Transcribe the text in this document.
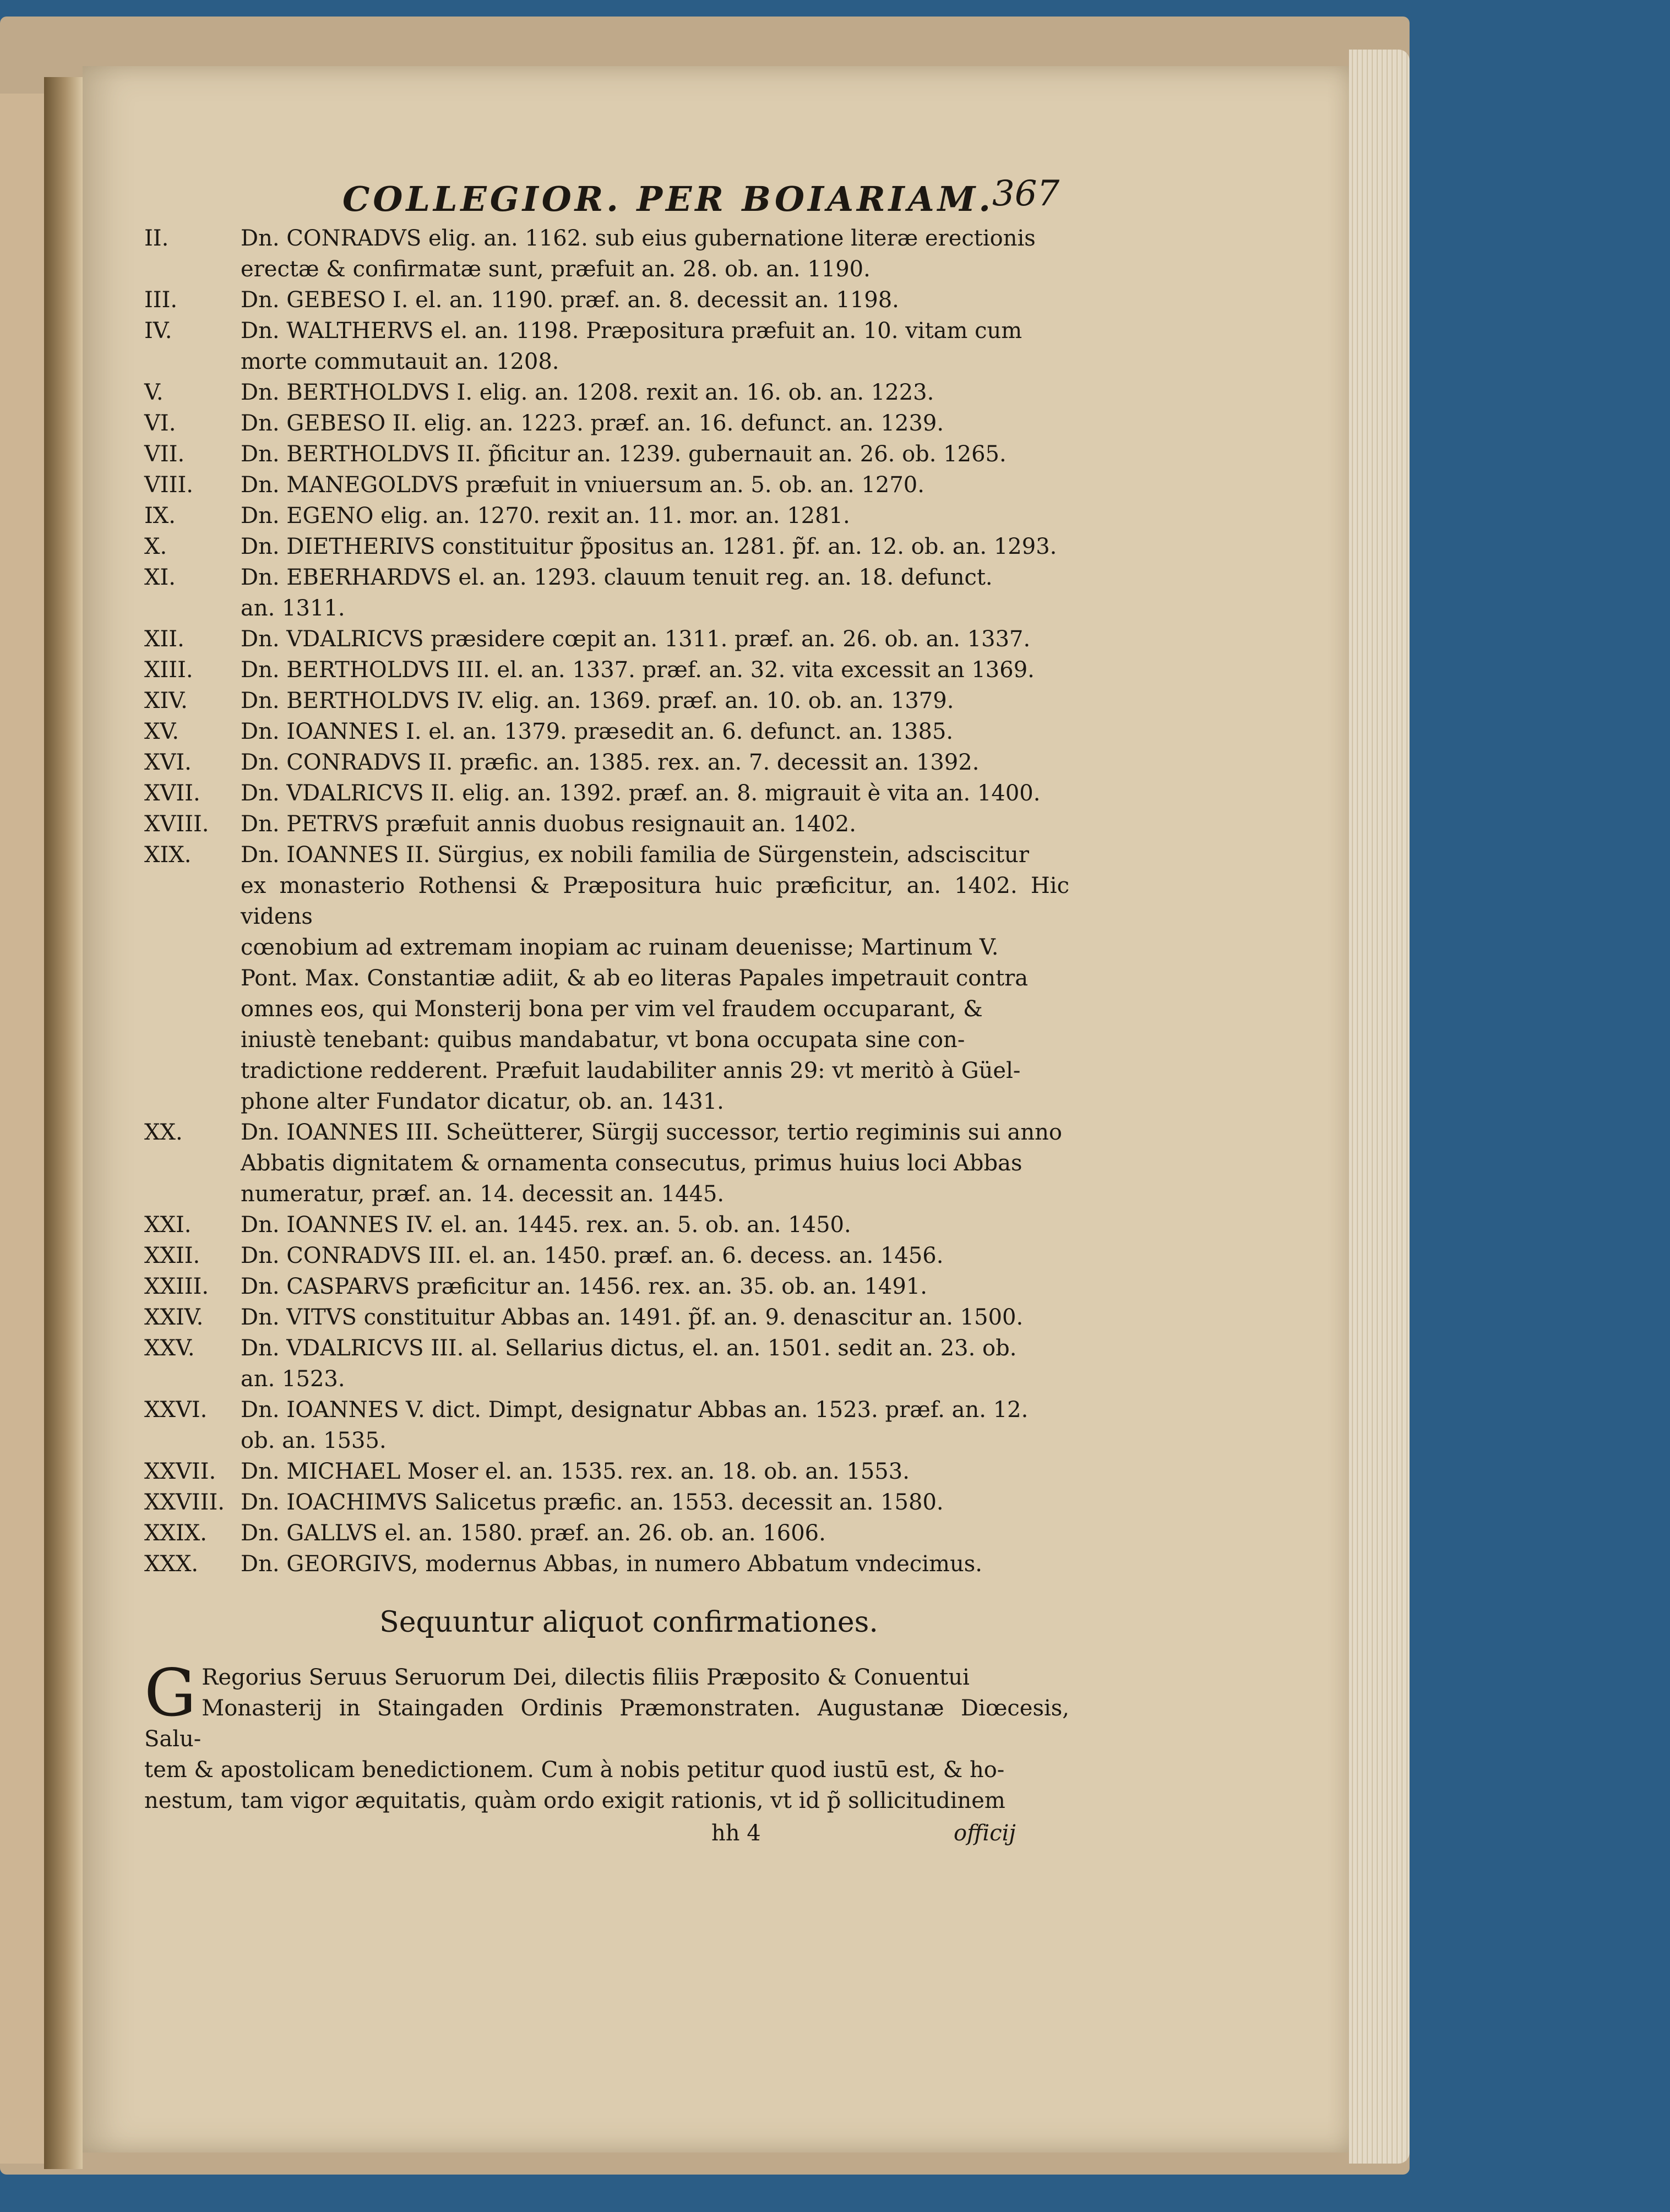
COLLEGIOR. PER BOIARIAM.
367
II.	Dn. CONRADVS elig. an. 1162. sub eius gubernatione literæ erectionis
erectæ & confirmatæ sunt, præfuit an. 28. ob. an. 1190.
III.	Dn. GEBESO I. el. an. 1190. præf. an. 8. decessit an. 1198.
IV.	Dn. WALTHERVS el. an. 1198. Præpositura præfuit an. 10. vitam cum
morte commutauit an. 1208.
V.	Dn. BERTHOLDVS I. elig. an. 1208. rexit an. 16. ob. an. 1223.
VI.	Dn. GEBESO II. elig. an. 1223. præf. an. 16. defunct. an. 1239.
VII.	Dn. BERTHOLDVS II. p̃ficitur an. 1239. gubernauit an. 26. ob. 1265.
VIII.	Dn. MANEGOLDVS præfuit in vniuersum an. 5. ob. an. 1270.
IX.	Dn. EGENO elig. an. 1270. rexit an. 11. mor. an. 1281.
X.	Dn. DIETHERIVS constituitur p̃positus an. 1281. p̃f. an. 12. ob. an. 1293.
XI.	Dn. EBERHARDVS el. an. 1293. clauum tenuit reg. an. 18. defunct.
an. 1311.
XII.	Dn. VDALRICVS præsidere cœpit an. 1311. præf. an. 26. ob. an. 1337.
XIII.	Dn. BERTHOLDVS III. el. an. 1337. præf. an. 32. vita excessit an 1369.
XIV.	Dn. BERTHOLDVS IV. elig. an. 1369. præf. an. 10. ob. an. 1379.
XV.	Dn. IOANNES I. el. an. 1379. præsedit an. 6. defunct. an. 1385.
XVI.	Dn. CONRADVS II. præfic. an. 1385. rex. an. 7. decessit an. 1392.
XVII.	Dn. VDALRICVS II. elig. an. 1392. præf. an. 8. migrauit è vita an. 1400.
XVIII.	Dn. PETRVS præfuit annis duobus resignauit an. 1402.
XIX.	Dn. IOANNES II. Sürgius, ex nobili familia de Sürgenstein, adsciscitur
ex monasterio Rothensi & Præpositura huic præficitur, an. 1402. Hic videns
cœnobium ad extremam inopiam ac ruinam deuenisse; Martinum V.
Pont. Max. Constantiæ adiit, & ab eo literas Papales impetrauit contra
omnes eos, qui Monsterij bona per vim vel fraudem occuparant, &
iniustè tenebant: quibus mandabatur, vt bona occupata sine con-
tradictione redderent. Præfuit laudabiliter annis 29: vt meritò à Güel-
phone alter Fundator dicatur, ob. an. 1431.
XX.	Dn. IOANNES III. Scheütterer, Sürgij successor, tertio regiminis sui anno
Abbatis dignitatem & ornamenta consecutus, primus huius loci Abbas
numeratur, præf. an. 14. decessit an. 1445.
XXI.	Dn. IOANNES IV. el. an. 1445. rex. an. 5. ob. an. 1450.
XXII.	Dn. CONRADVS III. el. an. 1450. præf. an. 6. decess. an. 1456.
XXIII.	Dn. CASPARVS præficitur an. 1456. rex. an. 35. ob. an. 1491.
XXIV.	Dn. VITVS constituitur Abbas an. 1491. p̃f. an. 9. denascitur an. 1500.
XXV.	Dn. VDALRICVS III. al. Sellarius dictus, el. an. 1501. sedit an. 23. ob.
an. 1523.
XXVI.	Dn. IOANNES V. dict. Dimpt, designatur Abbas an. 1523. præf. an. 12.
ob. an. 1535.
XXVII.	Dn. MICHAEL Moser el. an. 1535. rex. an. 18. ob. an. 1553.
XXVIII. Dn. IOACHIMVS Salicetus præfic. an. 1553. decessit an. 1580.
XXIX.	Dn. GALLVS el. an. 1580. præf. an. 26. ob. an. 1606.
XXX.	Dn. GEORGIVS, modernus Abbas, in numero Abbatum vndecimus.
Sequuntur aliquot confirmationes.
G Regorius Seruus Seruorum Dei, dilectis filiis Præposito & Conuentui
Monasterij in Staingaden Ordinis Præmonstraten. Augustanæ Diœcesis, Salu-
tem & apostolicam benedictionem. Cum à nobis petitur quod iustū est, & ho-
nestum, tam vigor æquitatis, quàm ordo exigit rationis, vt id p̃ sollicitudinem
hh 4	officij
